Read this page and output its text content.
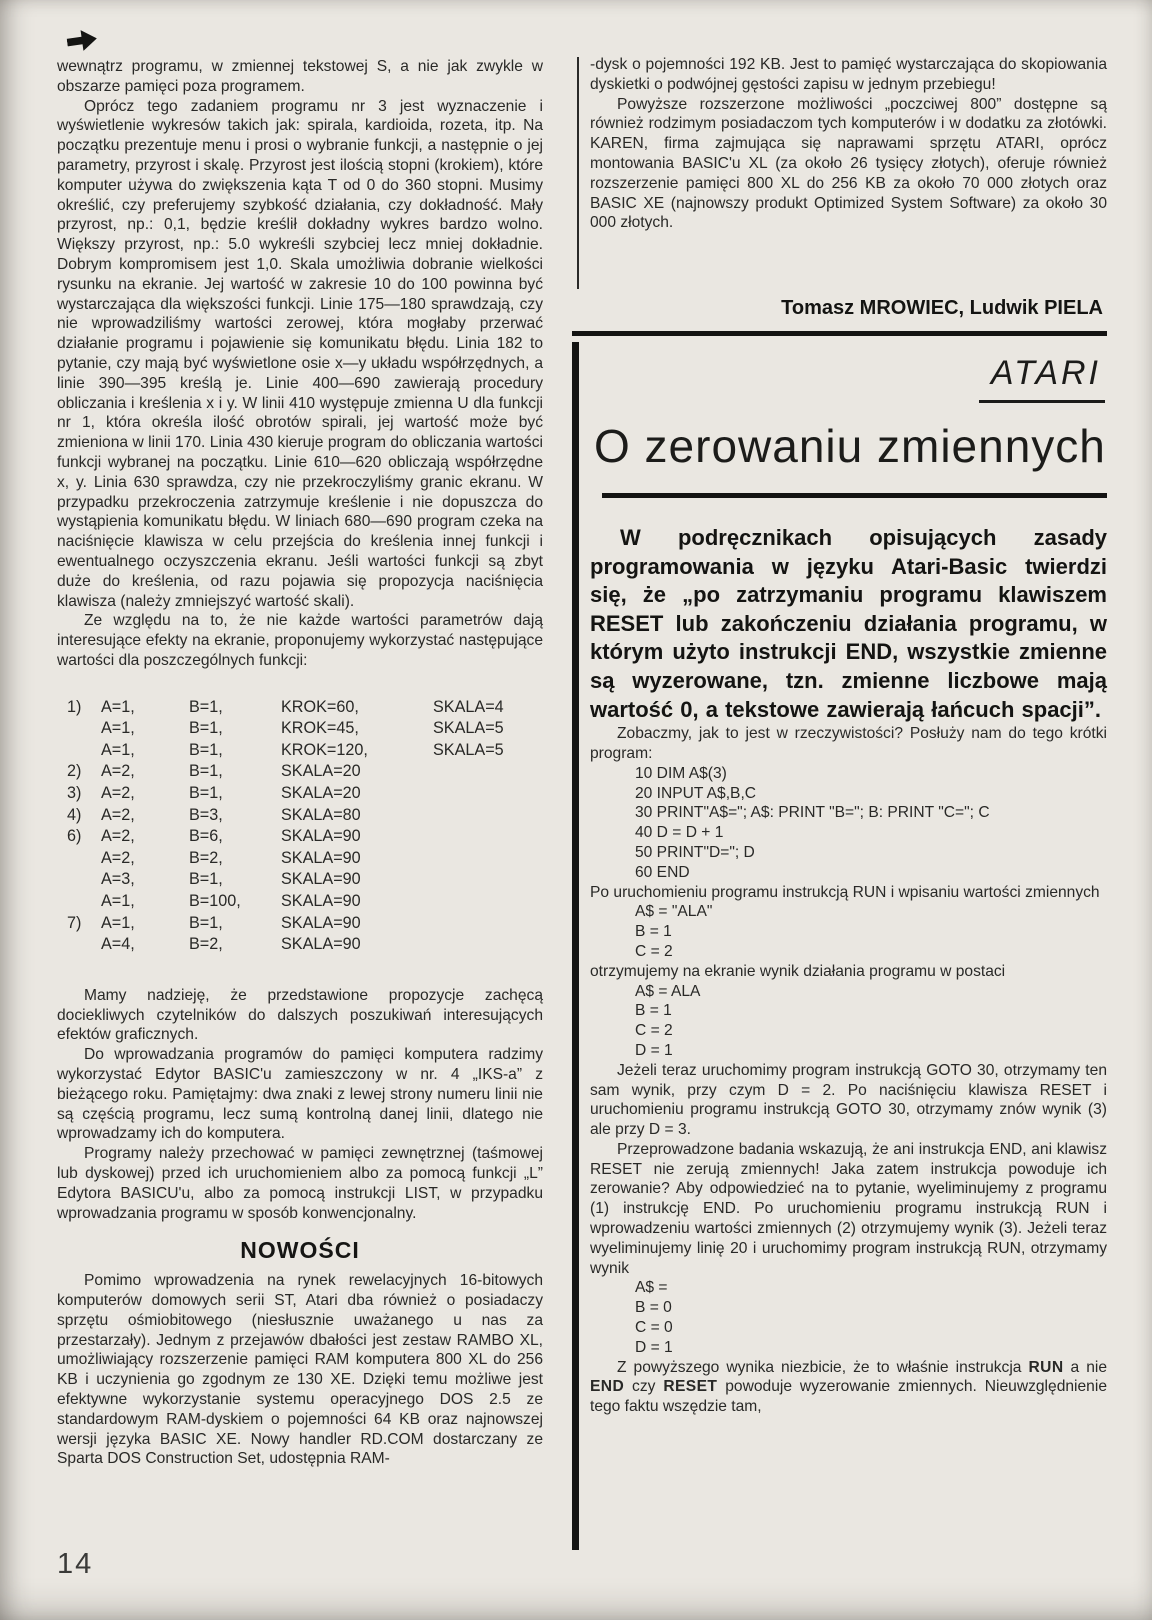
wewnątrz programu, w zmiennej tekstowej S, a nie jak zwykle w obszarze pamięci poza programem.

Oprócz tego zadaniem programu nr 3 jest wyznaczenie i wyświetlenie wykresów takich jak: spirala, kardioida, rozeta, itp. Na początku prezentuje menu i prosi o wybranie funkcji, a następnie o jej parametry, przyrost i skalę. Przyrost jest ilością stopni (krokiem), które komputer używa do zwiększenia kąta T od 0 do 360 stopni. Musimy określić, czy preferujemy szybkość działania, czy dokładność. Mały przyrost, np.: 0,1, będzie kreślił dokładny wykres bardzo wolno. Większy przyrost, np.: 5.0 wykreśli szybciej lecz mniej dokładnie. Dobrym kompromisem jest 1,0. Skala umożliwia dobranie wielkości rysunku na ekranie. Jej wartość w zakresie 10 do 100 powinna być wystarczająca dla większości funkcji. Linie 175—180 sprawdzają, czy nie wprowadziliśmy wartości zerowej, która mogłaby przerwać działanie programu i pojawienie się komunikatu błędu. Linia 182 to pytanie, czy mają być wyświetlone osie x—y układu współrzędnych, a linie 390—395 kreślą je. Linie 400—690 zawierają procedury obliczania i kreślenia x i y. W linii 410 występuje zmienna U dla funkcji nr 1, która określa ilość obrotów spirali, jej wartość może być zmieniona w linii 170. Linia 430 kieruje program do obliczania wartości funkcji wybranej na początku. Linie 610—620 obliczają współrzędne x, y. Linia 630 sprawdza, czy nie przekroczyliśmy granic ekranu. W przypadku przekroczenia zatrzymuje kreślenie i nie dopuszcza do wystąpienia komunikatu błędu. W liniach 680—690 program czeka na naciśnięcie klawisza w celu przejścia do kreślenia innej funkcji i ewentualnego oczyszczenia ekranu. Jeśli wartości funkcji są zbyt duże do kreślenia, od razu pojawia się propozycja naciśnięcia klawisza (należy zmniejszyć wartość skali).

Ze względu na to, że nie każde wartości parametrów dają interesujące efekty na ekranie, proponujemy wykorzystać następujące wartości dla poszczególnych funkcji:

1)	A=1,	B=1,	KROK=60,	SKALA=4
A=1,	B=1,	KROK=45,	SKALA=5
A=1,	B=1,	KROK=120,	SKALA=5
2)	A=2,	B=1,	SKALA=20
3)	A=2,	B=1,	SKALA=20
4)	A=2,	B=3,	SKALA=80
6)	A=2,	B=6,	SKALA=90
A=2,	B=2,	SKALA=90
A=3,	B=1,	SKALA=90
A=1,	B=100,	SKALA=90
7)	A=1,	B=1,	SKALA=90
A=4,	B=2,	SKALA=90

Mamy nadzieję, że przedstawione propozycje zachęcą dociekliwych czytelników do dalszych poszukiwań interesujących efektów graficznych.

Do wprowadzania programów do pamięci komputera radzimy wykorzystać Edytor BASIC'u zamieszczony w nr. 4 „IKS-a” z bieżącego roku. Pamiętajmy: dwa znaki z lewej strony numeru linii nie są częścią programu, lecz sumą kontrolną danej linii, dlatego nie wprowadzamy ich do komputera.

Programy należy przechować w pamięci zewnętrznej (taśmowej lub dyskowej) przed ich uruchomieniem albo za pomocą funkcji „L” Edytora BASICU'u, albo za pomocą instrukcji LIST, w przypadku wprowadzania programu w sposób konwencjonalny.

NOWOŚCI

Pomimo wprowadzenia na rynek rewelacyjnych 16-bitowych komputerów domowych serii ST, Atari dba również o posiadaczy sprzętu ośmiobitowego (niesłusznie uważanego u nas za przestarzały). Jednym z przejawów dbałości jest zestaw RAMBO XL, umożliwiający rozszerzenie pamięci RAM komputera 800 XL do 256 KB i uczynienia go zgodnym ze 130 XE. Dzięki temu możliwe jest efektywne wykorzystanie systemu operacyjnego DOS 2.5 ze standardowym RAM-dyskiem o pojemności 64 KB oraz najnowszej wersji języka BASIC XE. Nowy handler RD.COM dostarczany ze Sparta DOS Construction Set, udostępnia RAM-

-dysk o pojemności 192 KB. Jest to pamięć wystarczająca do skopiowania dyskietki o podwójnej gęstości zapisu w jednym przebiegu!

Powyższe rozszerzone możliwości „poczciwej 800” dostępne są również rodzimym posiadaczom tych komputerów i w dodatku za złotówki. KAREN, firma zajmująca się naprawami sprzętu ATARI, oprócz montowania BASIC'u XL (za około 26 tysięcy złotych), oferuje również rozszerzenie pamięci 800 XL do 256 KB za około 70 000 złotych oraz BASIC XE (najnowszy produkt Optimized System Software) za około 30 000 złotych.

Tomasz MROWIEC, Ludwik PIELA
ATARI
O zerowaniu zmiennych

W podręcznikach opisujących zasady programowania w języku Atari-Basic twierdzi się, że „po zatrzymaniu programu klawiszem RESET lub zakończeniu działania programu, w którym użyto instrukcji END, wszystkie zmienne są wyzerowane, tzn. zmienne liczbowe mają wartość 0, a tekstowe zawierają łańcuch spacji”.

Zobaczmy, jak to jest w rzeczywistości? Posłuży nam do tego krótki program:

10 DIM A$(3)
20 INPUT A$,B,C
30 PRINT"A$="; A$: PRINT "B="; B: PRINT "C="; C
40 D = D + 1
50 PRINT"D="; D
60 END

Po uruchomieniu programu instrukcją RUN i wpisaniu wartości zmiennych

A$ = "ALA"
B = 1
C = 2

otrzymujemy na ekranie wynik działania programu w postaci

A$ = ALA
B = 1
C = 2
D = 1

Jeżeli teraz uruchomimy program instrukcją GOTO 30, otrzymamy ten sam wynik, przy czym D = 2. Po naciśnięciu klawisza RESET i uruchomieniu programu instrukcją GOTO 30, otrzymamy znów wynik (3) ale przy D = 3.

Przeprowadzone badania wskazują, że ani instrukcja END, ani klawisz RESET nie zerują zmiennych! Jaka zatem instrukcja powoduje ich zerowanie? Aby odpowiedzieć na to pytanie, wyeliminujemy z programu (1) instrukcję END. Po uruchomieniu programu instrukcją RUN i wprowadzeniu wartości zmiennych (2) otrzymujemy wynik (3). Jeżeli teraz wyeliminujemy linię 20 i uruchomimy program instrukcją RUN, otrzymamy wynik

A$ =
B = 0
C = 0
D = 1

Z powyższego wynika niezbicie, że to właśnie instrukcja RUN a nie END czy RESET powoduje wyzerowanie zmiennych. Nieuwzględnienie tego faktu wszędzie tam,

14
